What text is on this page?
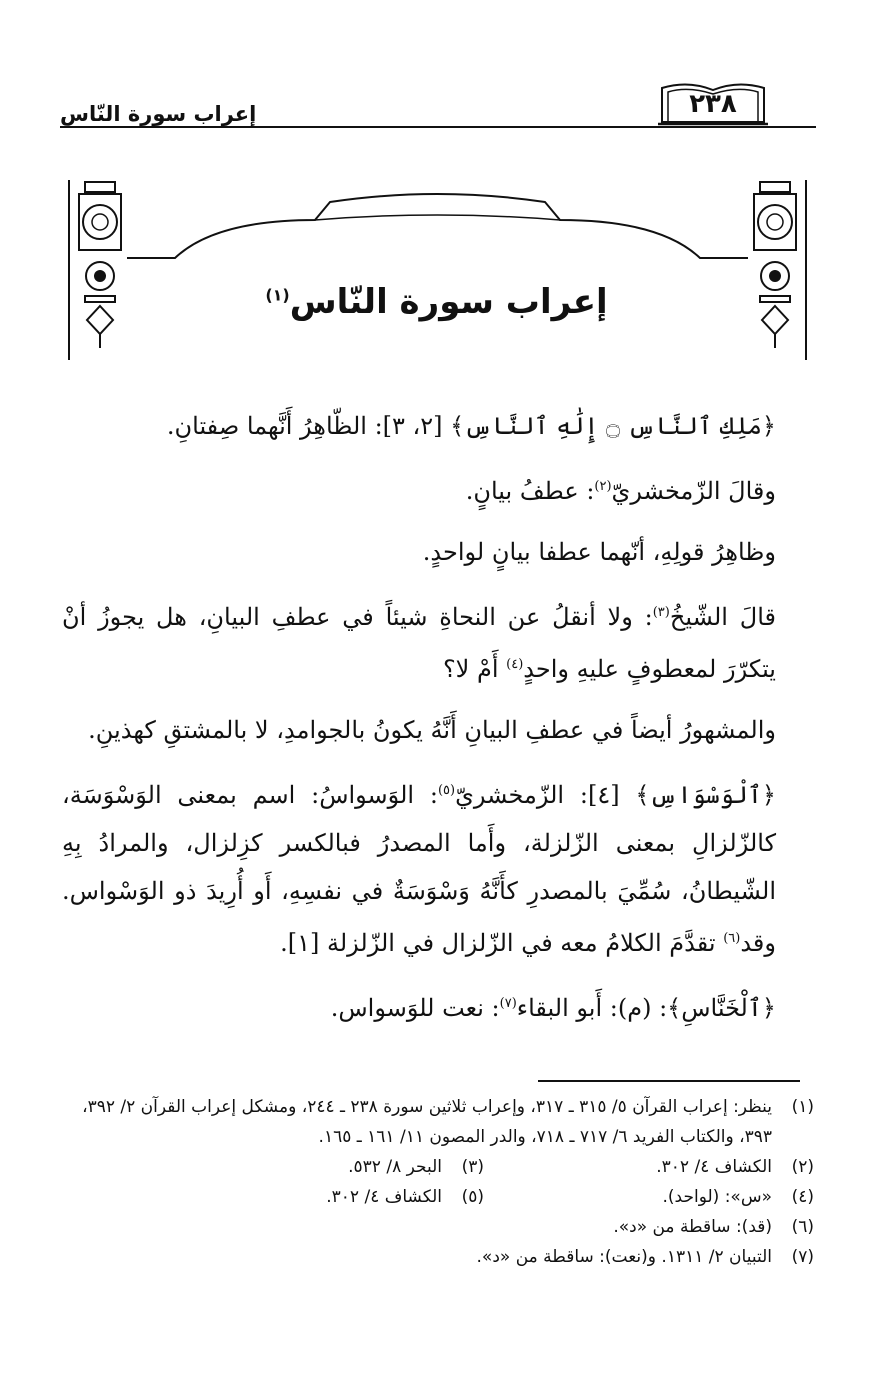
إعراب سورة النّاس	٢٣٨
إعراب سورة النّاس$^{(١)}$

﴿مَلِكِ ٱلنَّاسِ ۝ إِلَٰهِ ٱلنَّاسِ﴾ [٢، ٣]: الظّاهِرُ أَنَّهما صِفتانِ.

وقالَ الزّمخشريّ$^{(٢)}$: عطفُ بيانٍ.

وظاهِرُ قولِهِ، أنّهما عطفا بيانٍ لواحدٍ.

قالَ الشّيخُ$^{(٣)}$: ولا أنقلُ عن النحاةِ شيئاً في عطفِ البيانِ، هل يجوزُ أنْ يتكرّرَ لمعطوفٍ عليهِ واحدٍ$^{(٤)}$ أَمْ لا؟

والمشهورُ أيضاً في عطفِ البيانِ أَنَّهُ يكونُ بالجوامدِ، لا بالمشتقِ كهذينِ.

﴿ٱلْوَسْوَاسِ﴾ [٤]: الزّمخشريّ$^{(٥)}$: الوَسواسُ: اسم بمعنى الوَسْوَسَة، كالزّلزالِ بمعنى الزّلزلة، وأَما المصدرُ فبالكسر كزِلزال، والمرادُ بِهِ الشّيطانُ، سُمِّيَ بالمصدرِ كأَنَّهُ وَسْوَسَةٌ في نفسِهِ، أَو أُرِيدَ ذو الوَسْواس. وقد$^{(٦)}$ تقدَّمَ الكلامُ معه في الزّلزال في الزّلزلة [١].

﴿ٱلْخَنَّاسِ﴾: (م): أَبو البقاء$^{(٧)}$: نعت للوَسواس.

(١)
ينظر: إعراب القرآن ٥/ ٣١٥ ـ ٣١٧، وإعراب ثلاثين سورة ٢٣٨ ـ ٢٤٤، ومشكل إعراب القرآن ٢/ ٣٩٢، ٣٩٣، والكتاب الفريد ٦/ ٧١٧ ـ ٧١٨، والدر المصون ١١/ ١٦١ ـ ١٦٥.
(٢)
الكشاف ٤/ ٣٠٢.
(٣)
البحر ٨/ ٥٣٢.
(٤)
«س»: (لواحد).
(٥)
الكشاف ٤/ ٣٠٢.
(٦)
(قد): ساقطة من «د».
(٧)
التبيان ٢/ ١٣١١. و(نعت): ساقطة من «د».
